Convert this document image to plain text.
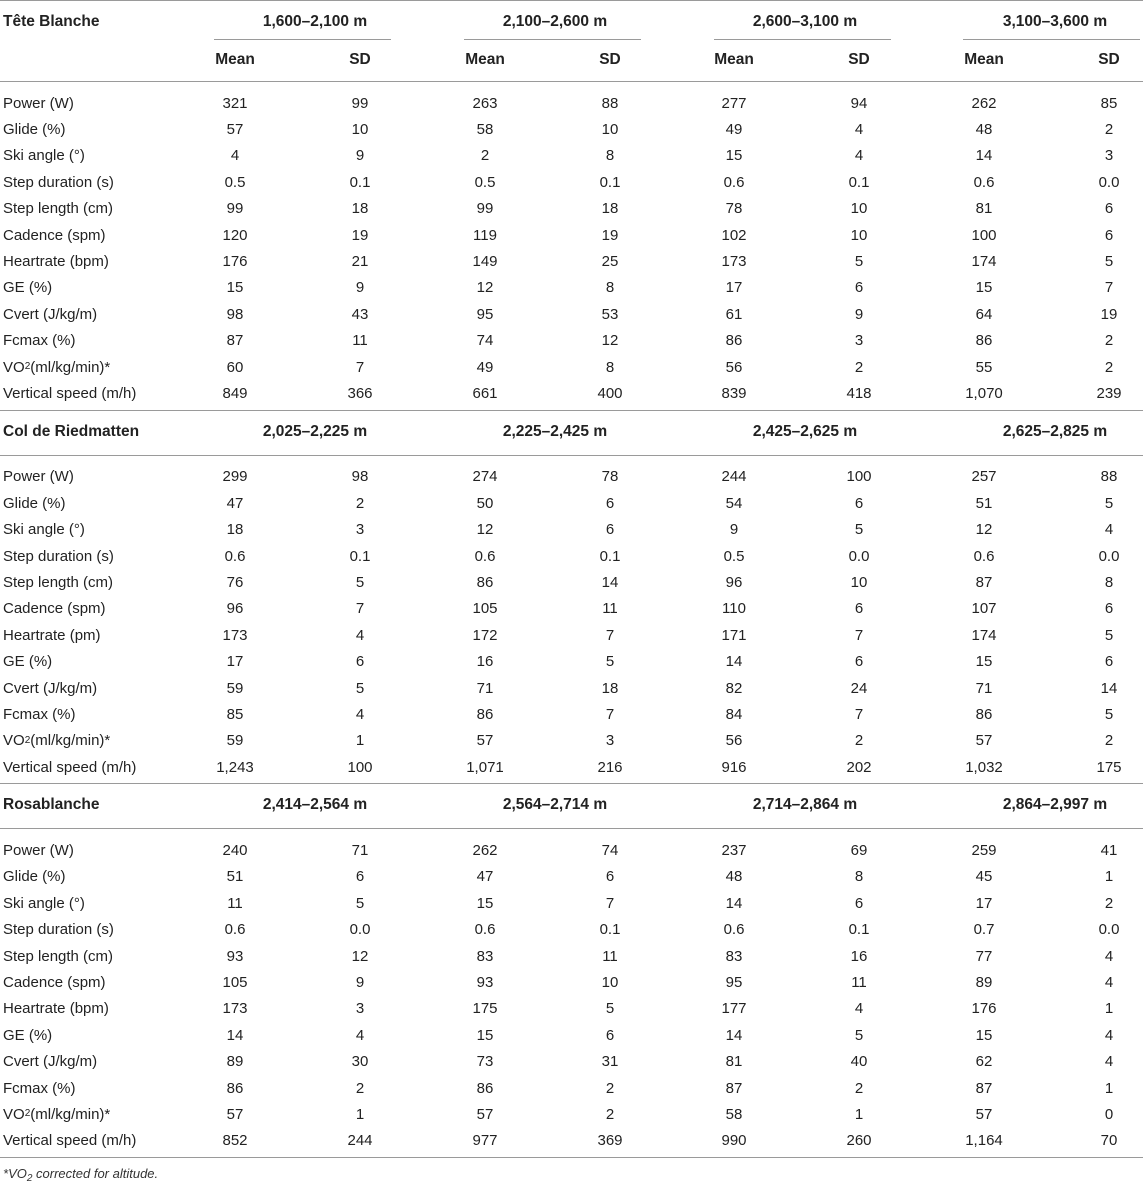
Tête Blanche	1,600–2,100 m	2,100–2,600 m	2,600–3,100 m	3,100–3,600 m
Mean	SD	Mean	SD	Mean	SD	Mean	SD
Power (W)	321	99	263	88	277	94	262	85
Glide (%)	57	10	58	10	49	4	48	2
Ski angle (°)	4	9	2	8	15	4	14	3
Step duration (s)	0.5	0.1	0.5	0.1	0.6	0.1	0.6	0.0
Step length (cm)	99	18	99	18	78	10	81	6
Cadence (spm)	120	19	119	19	102	10	100	6
Heartrate (bpm)	176	21	149	25	173	5	174	5
GE (%)	15	9	12	8	17	6	15	7
Cvert (J/kg/m)	98	43	95	53	61	9	64	19
Fcmax (%)	87	11	74	12	86	3	86	2
VO 2 (ml/kg/min)*	60	7	49	8	56	2	55	2
Vertical speed (m/h)	849	366	661	400	839	418	1,070	239
Col de Riedmatten	2,025–2,225 m	2,225–2,425 m	2,425–2,625 m	2,625–2,825 m
Power (W)	299	98	274	78	244	100	257	88
Glide (%)	47	2	50	6	54	6	51	5
Ski angle (°)	18	3	12	6	9	5	12	4
Step duration (s)	0.6	0.1	0.6	0.1	0.5	0.0	0.6	0.0
Step length (cm)	76	5	86	14	96	10	87	8
Cadence (spm)	96	7	105	11	110	6	107	6
Heartrate (pm)	173	4	172	7	171	7	174	5
GE (%)	17	6	16	5	14	6	15	6
Cvert (J/kg/m)	59	5	71	18	82	24	71	14
Fcmax (%)	85	4	86	7	84	7	86	5
VO 2 (ml/kg/min)*	59	1	57	3	56	2	57	2
Vertical speed (m/h)	1,243	100	1,071	216	916	202	1,032	175
Rosablanche	2,414–2,564 m	2,564–2,714 m	2,714–2,864 m	2,864–2,997 m
Power (W)	240	71	262	74	237	69	259	41
Glide (%)	51	6	47	6	48	8	45	1
Ski angle (°)	11	5	15	7	14	6	17	2
Step duration (s)	0.6	0.0	0.6	0.1	0.6	0.1	0.7	0.0
Step length (cm)	93	12	83	11	83	16	77	4
Cadence (spm)	105	9	93	10	95	11	89	4
Heartrate (bpm)	173	3	175	5	177	4	176	1
GE (%)	14	4	15	6	14	5	15	4
Cvert (J/kg/m)	89	30	73	31	81	40	62	4
Fcmax (%)	86	2	86	2	87	2	87	1
VO 2 (ml/kg/min)*	57	1	57	2	58	1	57	0
Vertical speed (m/h)	852	244	977	369	990	260	1,164	70
$*VO_2$ corrected for altitude.
